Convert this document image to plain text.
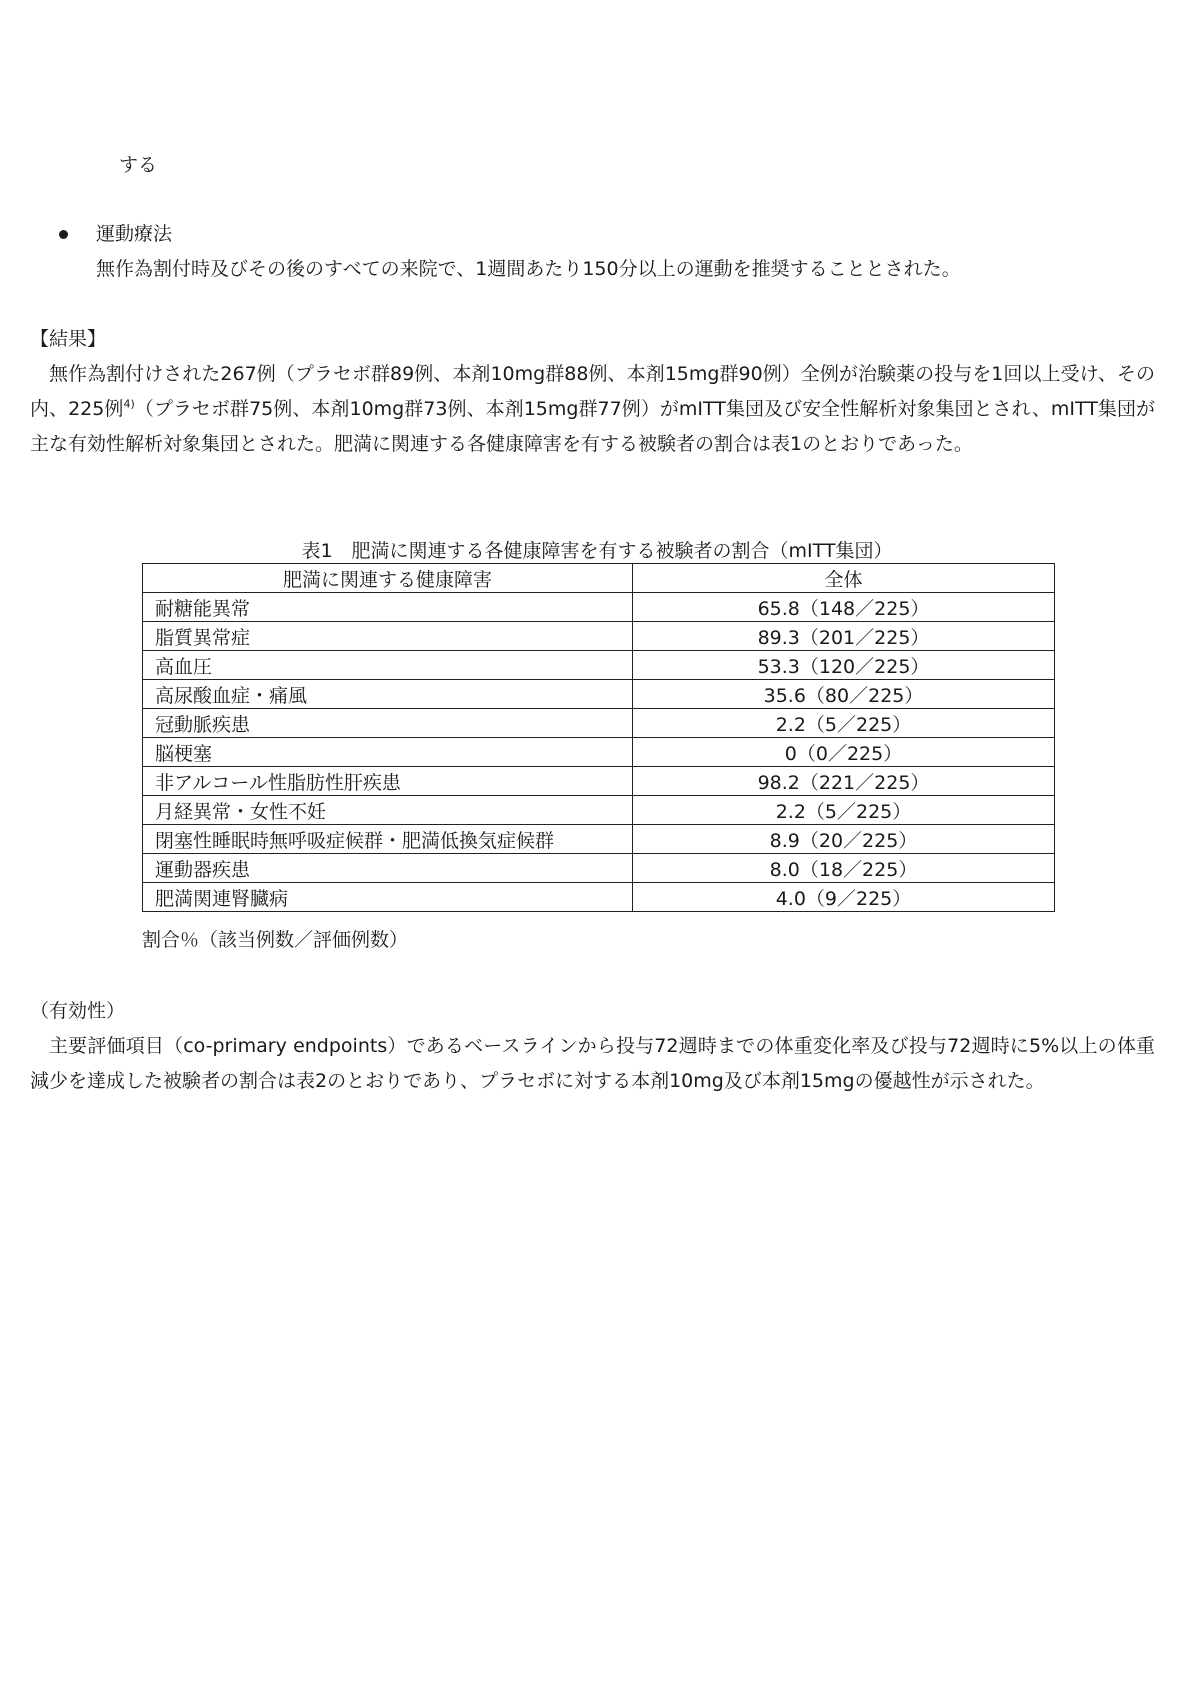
する
運動療法
無作為割付時及びその後のすべての来院で、1週間あたり150分以上の運動を推奨することとされた。
【結果】
無作為割付けされた267例（プラセボ群89例、本剤10mg群88例、本剤15mg群90例）全例が治験薬の投与を1回以上受け、その内、225例$^{4)}$（プラセボ群75例、本剤10mg群73例、本剤15mg群77例）がmITT集団及び安全性解析対象集団とされ、mITT集団が主な有効性解析対象集団とされた。肥満に関連する各健康障害を有する被験者の割合は表1のとおりであった。
表1　肥満に関連する各健康障害を有する被験者の割合（mITT集団）
肥満に関連する健康障害	全体
耐糖能異常	65.8（148／225）
脂質異常症	89.3（201／225）
高血圧	53.3（120／225）
高尿酸血症・痛風	35.6（80／225）
冠動脈疾患	2.2（5／225）
脳梗塞	0（0／225）
非アルコール性脂肪性肝疾患	98.2（221／225）
月経異常・女性不妊	2.2（5／225）
閉塞性睡眠時無呼吸症候群・肥満低換気症候群	8.9（20／225）
運動器疾患	8.0（18／225）
肥満関連腎臓病	4.0（9／225）
割合％（該当例数／評価例数）
（有効性）
主要評価項目（co-primary endpoints）であるベースラインから投与72週時までの体重変化率及び投与72週時に5%以上の体重減少を達成した被験者の割合は表2のとおりであり、プラセボに対する本剤10mg及び本剤15mgの優越性が示された。
